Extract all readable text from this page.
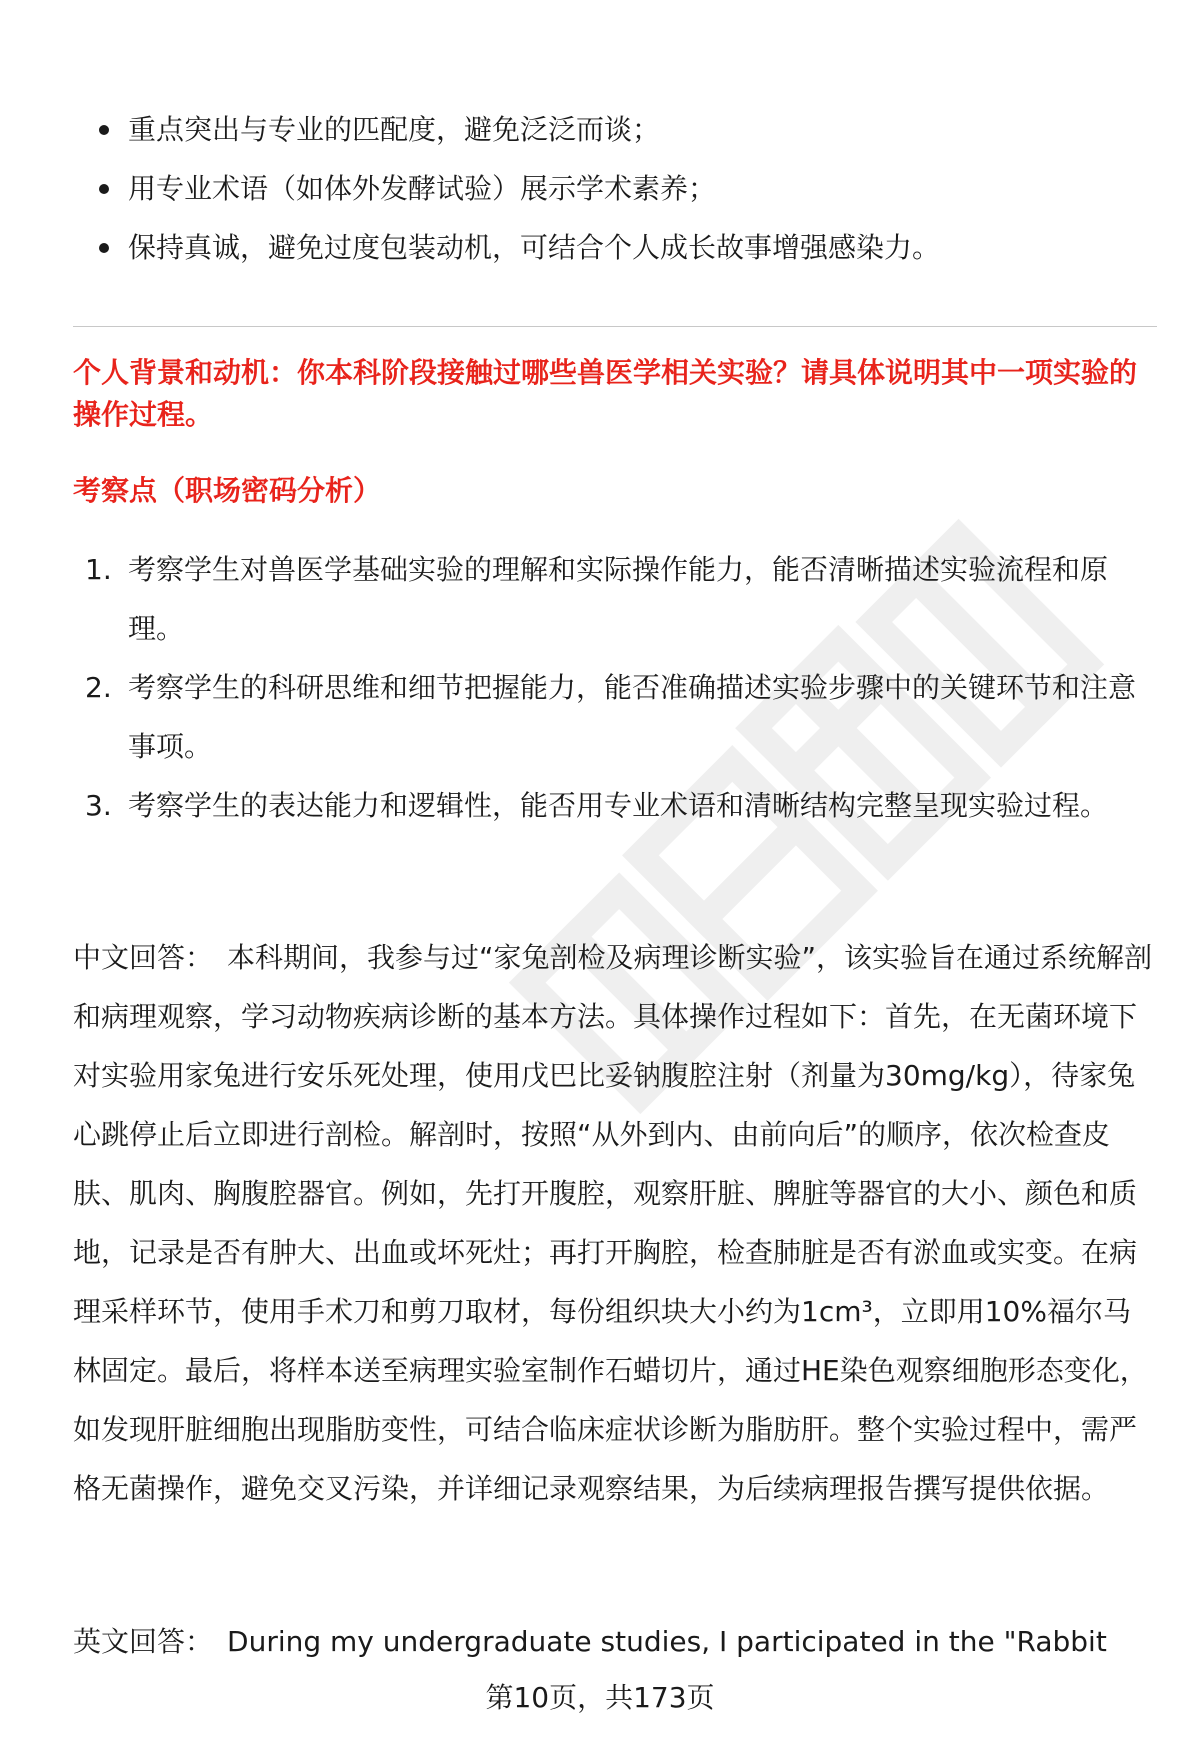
重点突出与专业的匹配度，避免泛泛而谈；
用专业术语（如体外发酵试验）展示学术素养；
保持真诚，避免过度包装动机，可结合个人成长故事增强感染力。
个人背景和动机：你本科阶段接触过哪些兽医学相关实验？请具体说明其中一项实验的操作过程。
考察点（职场密码分析）
1. 考察学生对兽医学基础实验的理解和实际操作能力，能否清晰描述实验流程和原理。
2. 考察学生的科研思维和细节把握能力，能否准确描述实验步骤中的关键环节和注意事项。
3. 考察学生的表达能力和逻辑性，能否用专业术语和清晰结构完整呈现实验过程。
中文回答： 本科期间，我参与过“家兔剖检及病理诊断实验”，该实验旨在通过系统解剖和病理观察，学习动物疾病诊断的基本方法。具体操作过程如下：首先，在无菌环境下对实验用家兔进行安乐死处理，使用戊巴比妥钠腹腔注射（剂量为30mg/kg），待家兔心跳停止后立即进行剖检。解剖时，按照“从外到内、由前向后”的顺序，依次检查皮肤、肌肉、胸腹腔器官。例如，先打开腹腔，观察肝脏、脾脏等器官的大小、颜色和质地，记录是否有肿大、出血或坏死灶；再打开胸腔，检查肺脏是否有淤血或实变。在病理采样环节，使用手术刀和剪刀取材，每份组织块大小约为1cm³，立即用10%福尔马林固定。最后，将样本送至病理实验室制作石蜡切片，通过HE染色观察细胞形态变化，如发现肝脏细胞出现脂肪变性，可结合临床症状诊断为脂肪肝。整个实验过程中，需严格无菌操作，避免交叉污染，并详细记录观察结果，为后续病理报告撰写提供依据。
英文回答： During my undergraduate studies, I participated in the "Rabbit
第10页，共173页
